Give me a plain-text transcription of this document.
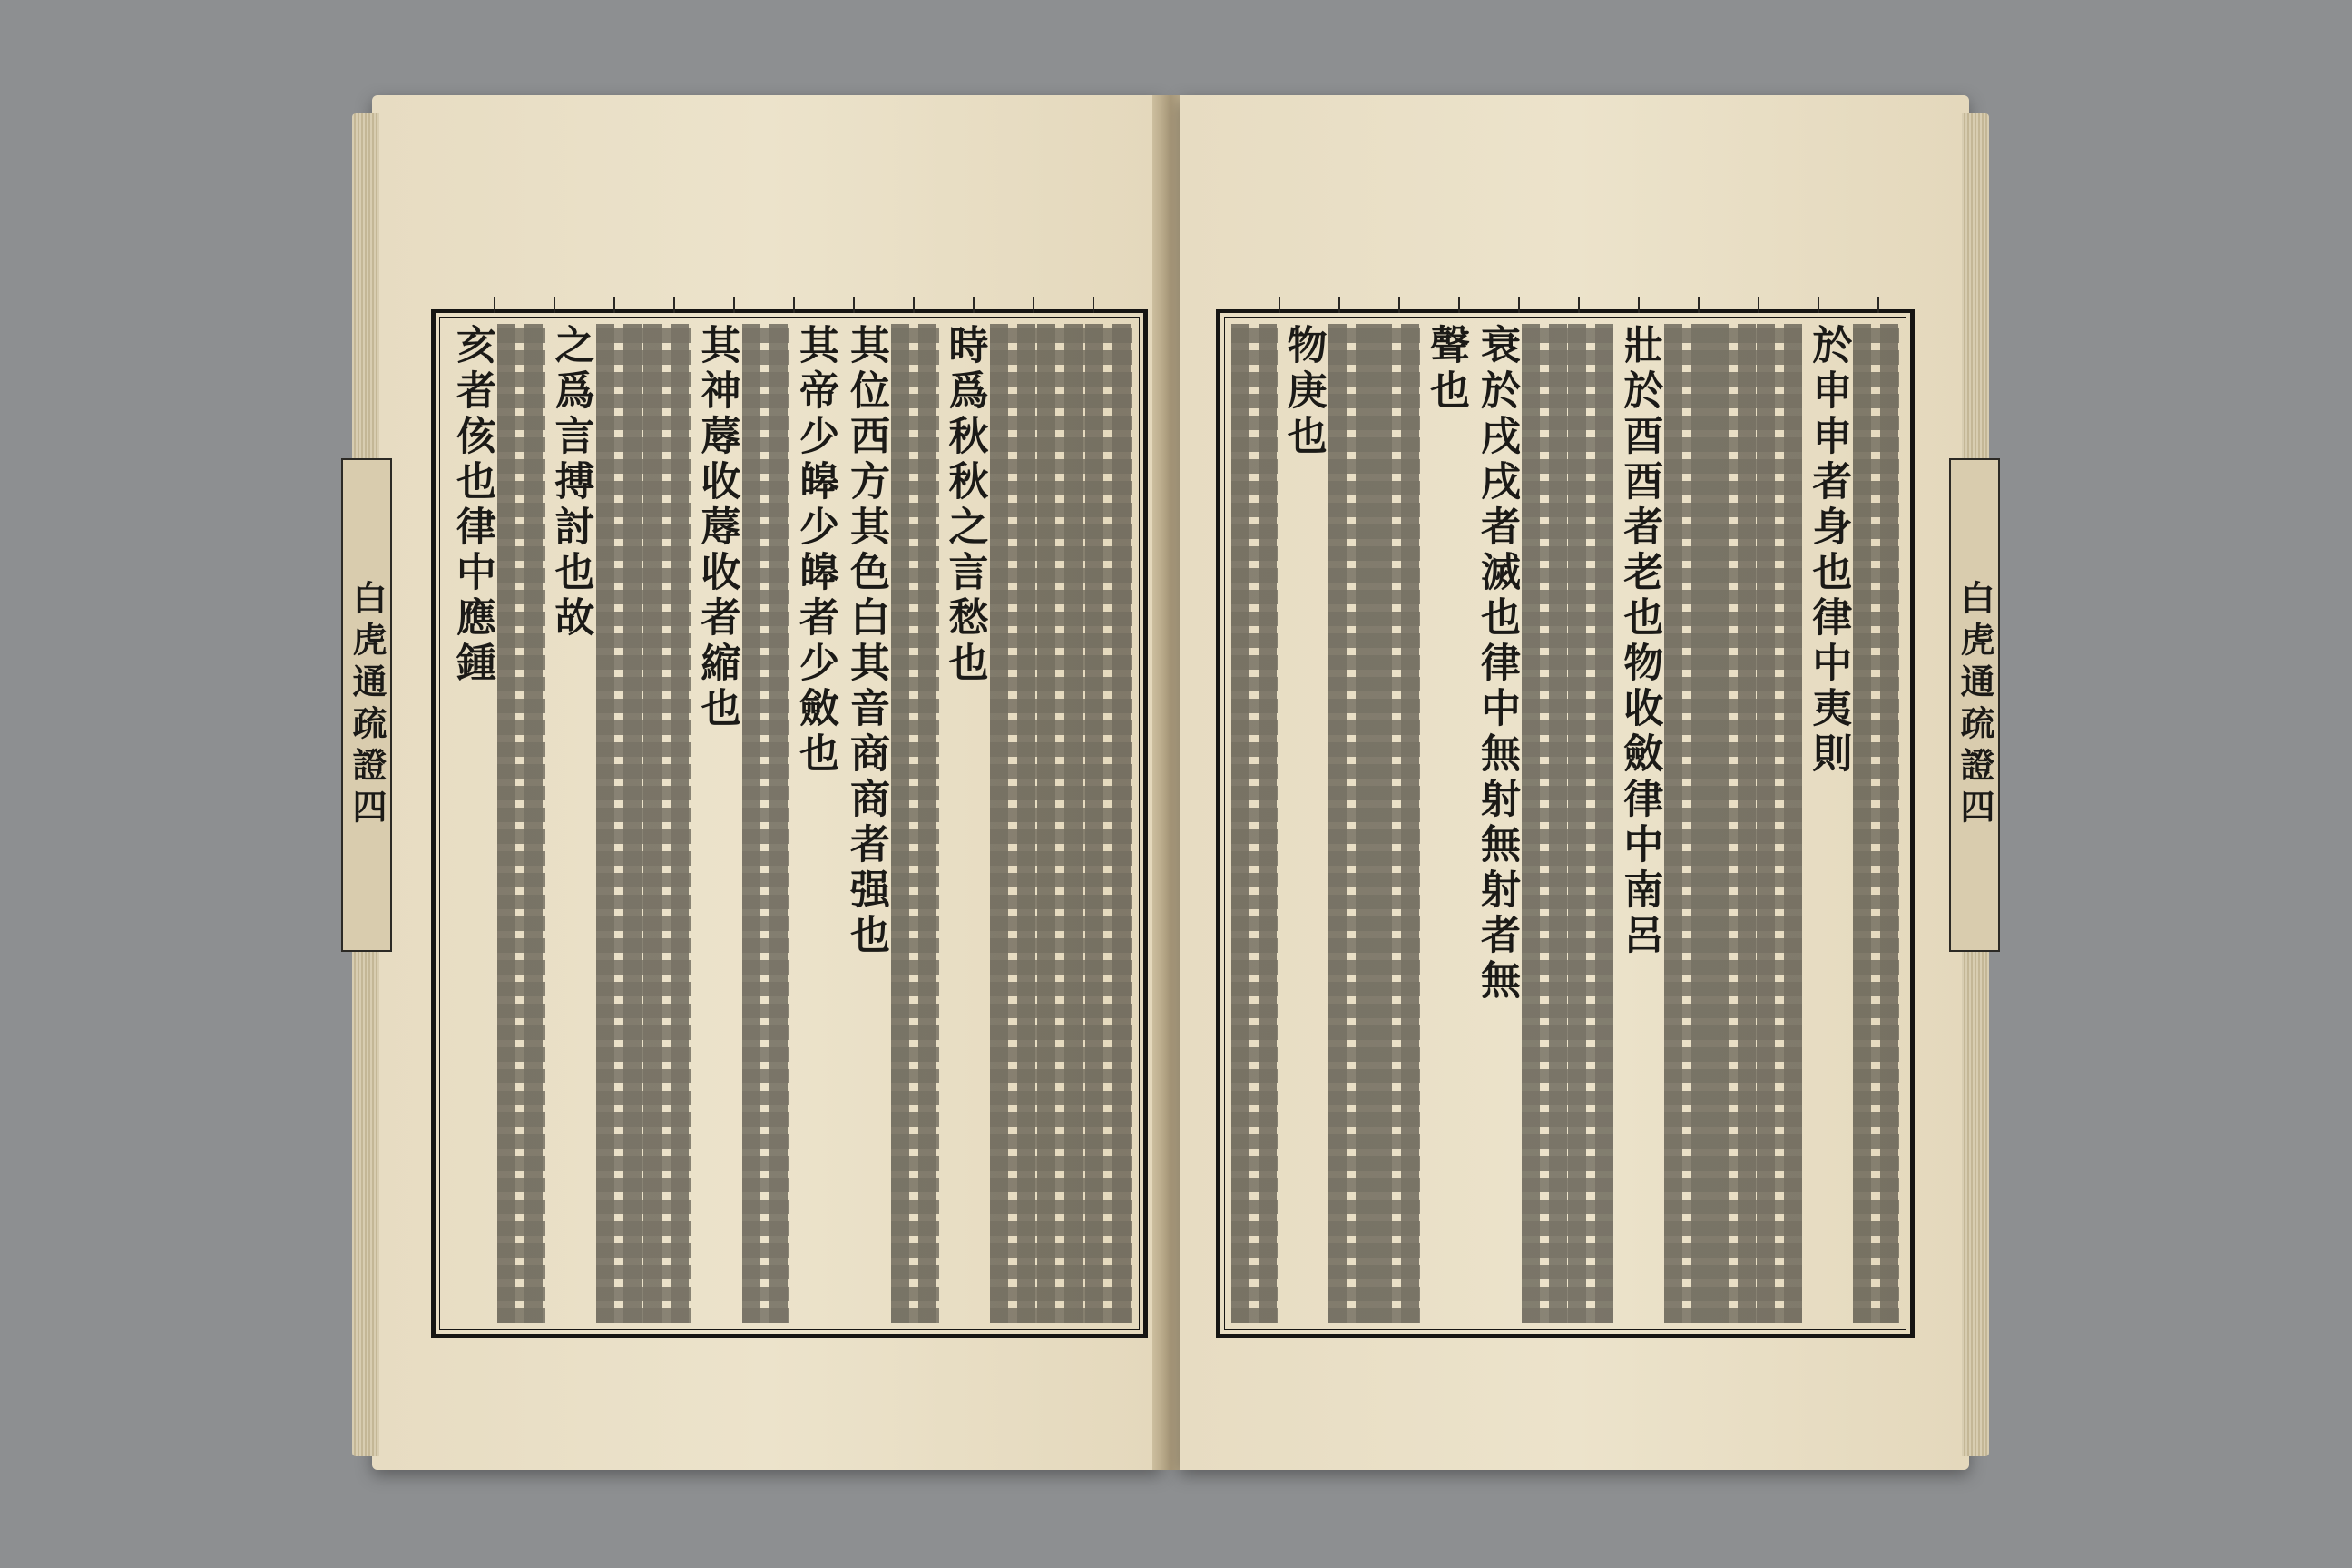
時爲秋秋之言愁也
其位西方其色白其音商商者强也
其帝少皞少皞者少斂也
其神蓐收蓐收者縮也
之爲言搏討也故
亥者侅也律中應鍾
白虎通疏證四	於申申者身也律中夷則
壯於酉酉者老也物收斂律中南呂
衰於戌戌者滅也律中無射無射者無
聲也
物庚也
白虎通疏證四
